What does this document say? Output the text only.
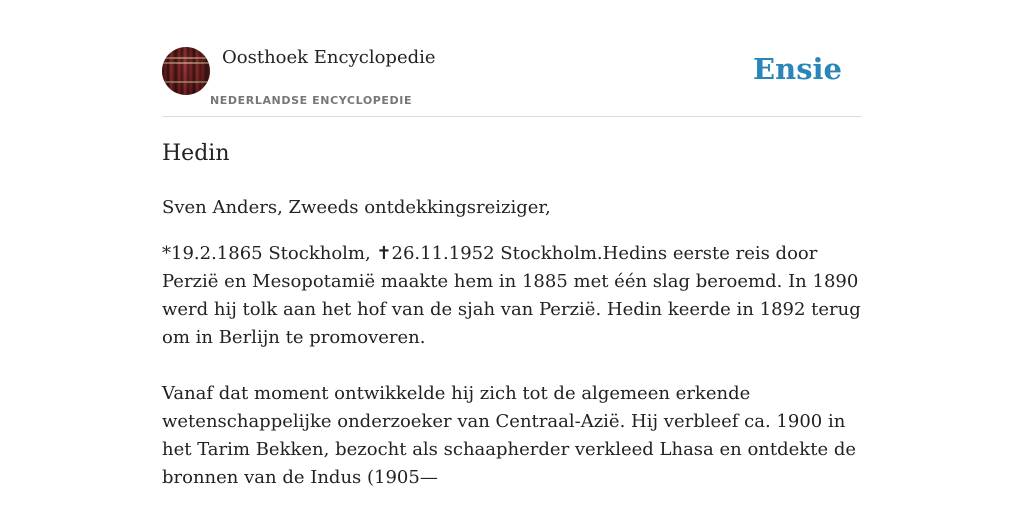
Oosthoek Encyclopedie
NEDERLANDSE ENCYCLOPEDIE
Ensie
Hedin

Sven Anders, Zweeds ontdekkingsreiziger,

*19.2.1865 Stockholm, ✝26.11.1952 Stockholm.Hedins eerste reis door Perzië en Mesopotamië maakte hem in 1885 met één slag beroemd. In 1890 werd hij tolk aan het hof van de sjah van Perzië. Hedin keerde in 1892 terug om in Berlijn te promoveren.

Vanaf dat moment ontwikkelde hij zich tot de algemeen erkende wetenschappelijke onderzoeker van Centraal-Azië. Hij verbleef ca. 1900 in het Tarim Bekken, bezocht als schaapherder verkleed Lhasa en ontdekte de bronnen van de Indus (1905—
